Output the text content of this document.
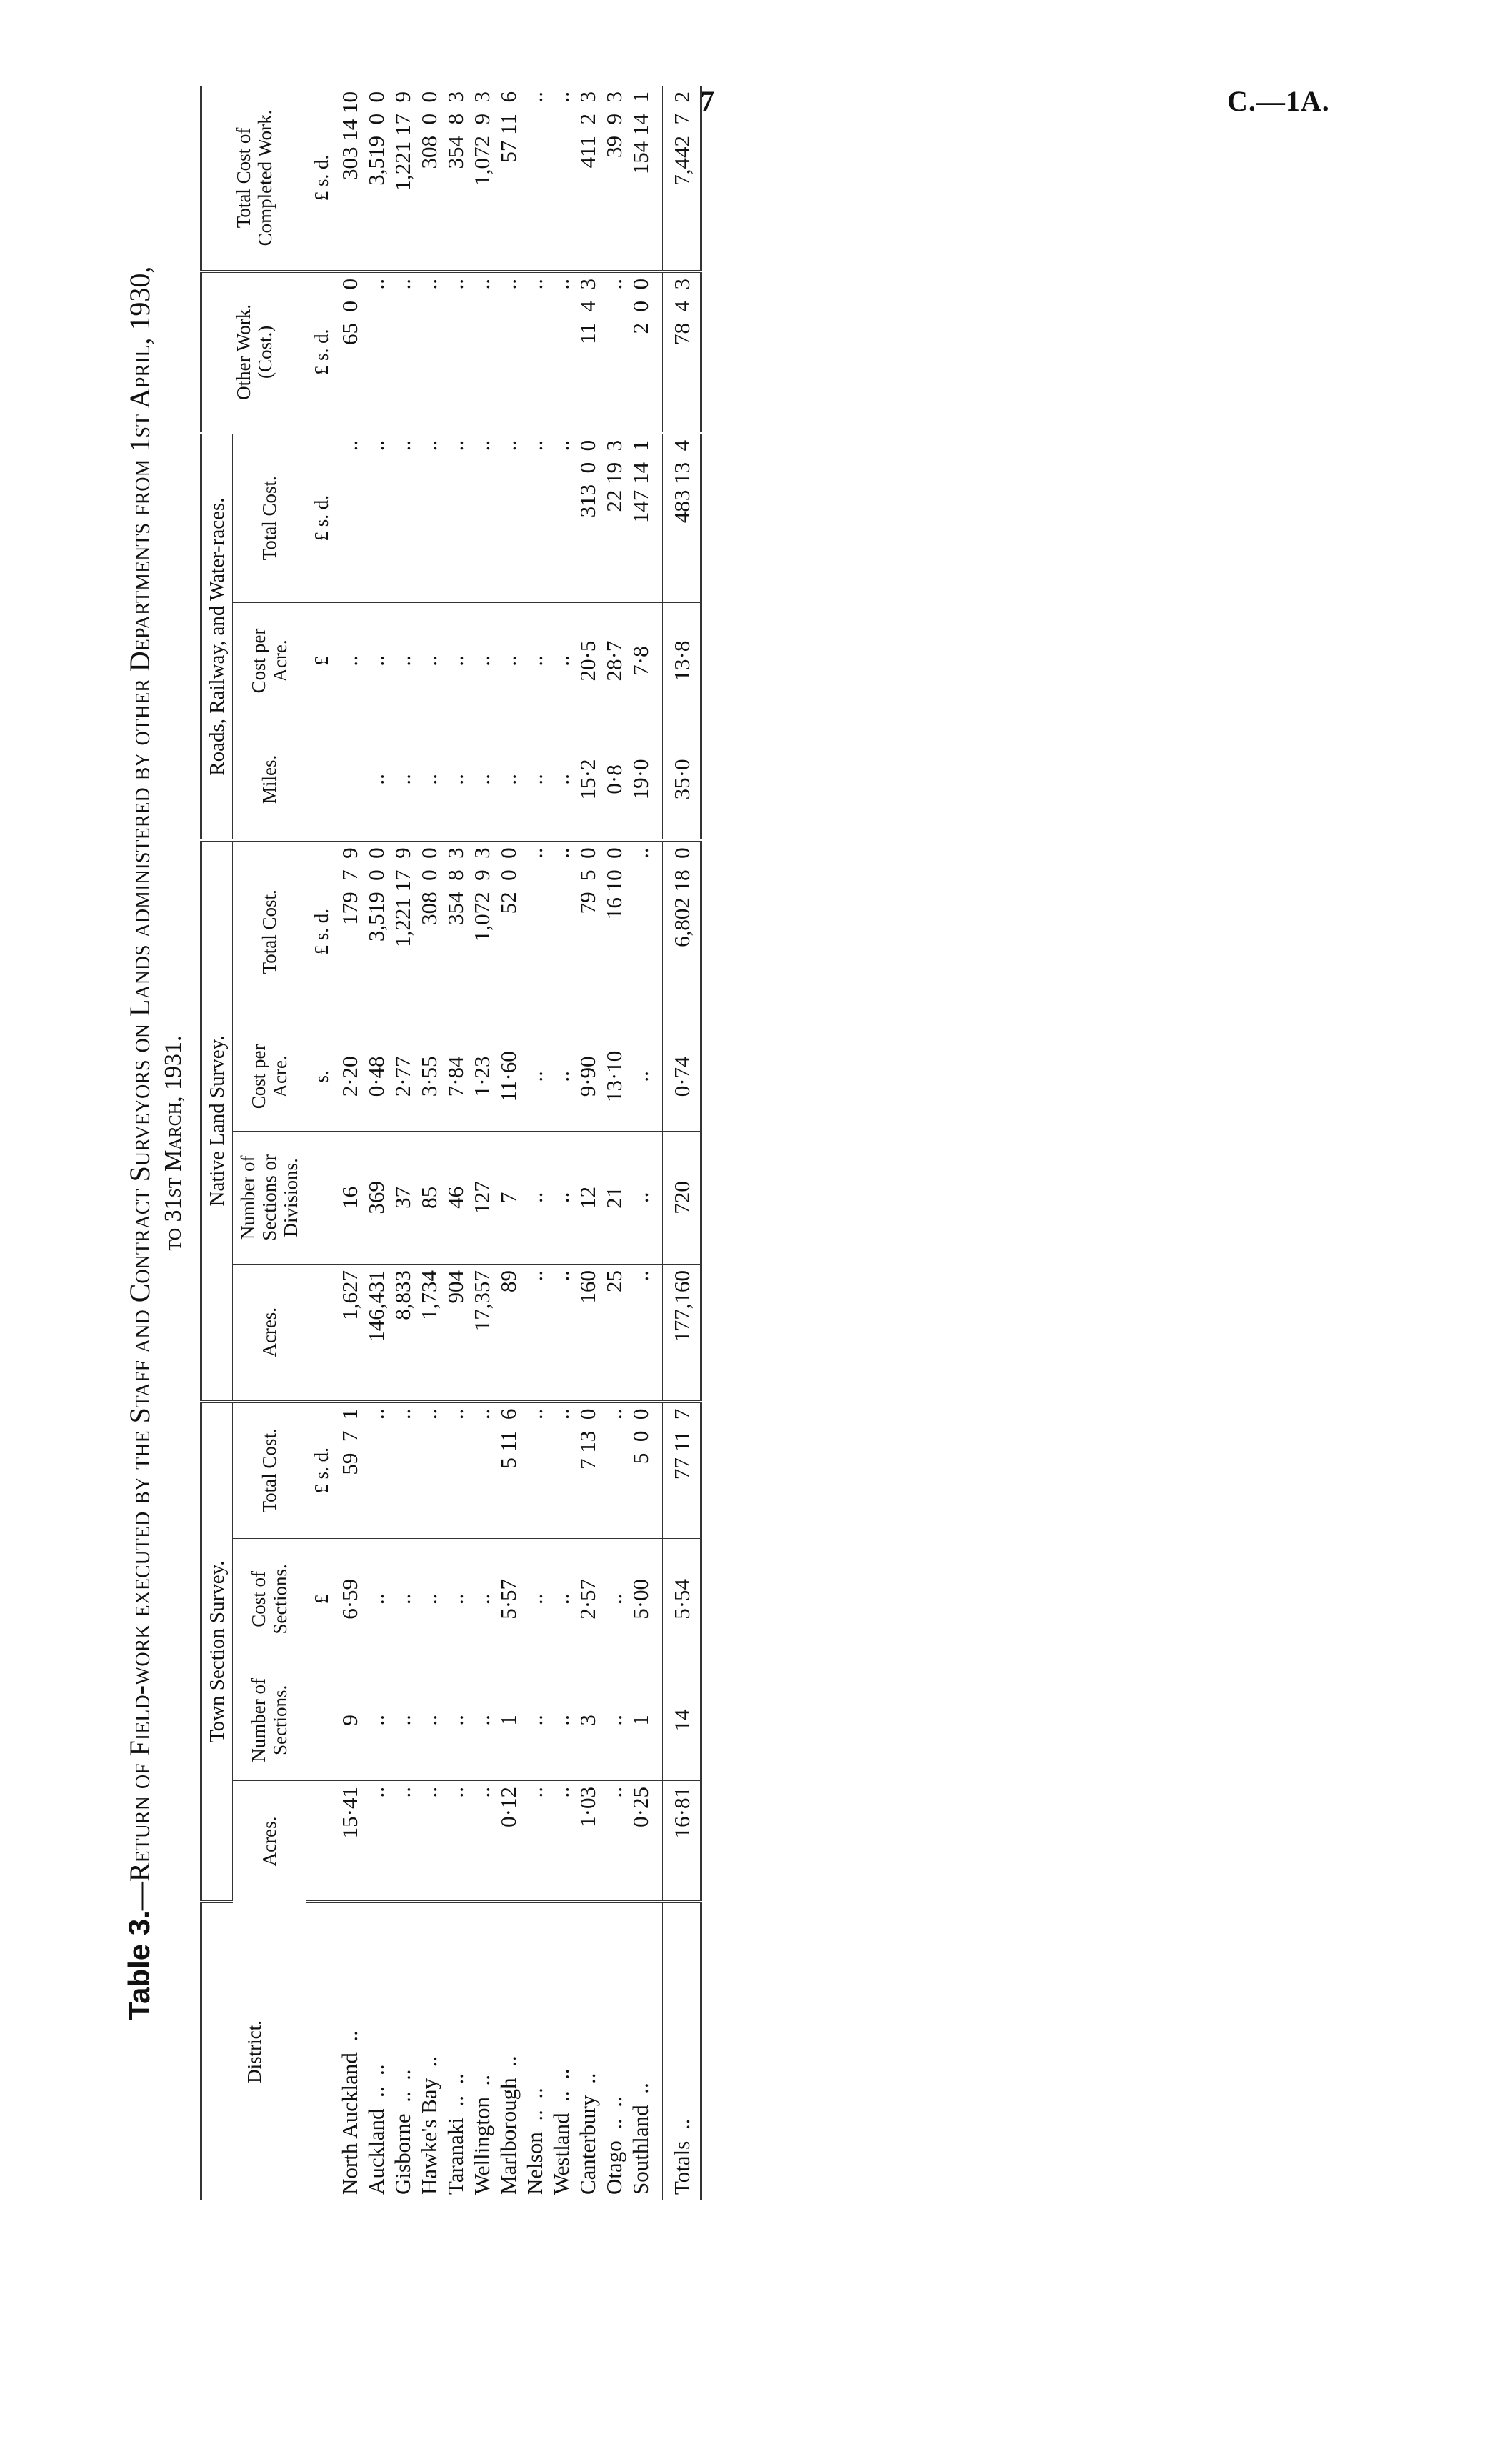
7	C.—1A.
Table 3.—Return of Field-work executed by the Staff and Contract Surveyors on Lands administered by other Departments from 1st April, 1930, to 31st March, 1931.
District.	Town Section Survey.				Native Land Survey.				Roads, Railway, and Water-races.			Other Work. (Cost.)	Total Cost of Completed Work.
	Acres.	Number of Sections.	Cost of Sections.	Total Cost.	Acres.	Number of Sections or Divisions.	Cost per Acre.	Total Cost.	Miles.	Cost per Acre.	Total Cost.		
			£	£ s. d.			s.	£ s. d.		£	£ s. d.	£ s. d.	£ s. d.
North Auckland  ..	15·41	9	6·59	59  7  1	1,627	16	2·20	179  7  9		..	..	65  0  0	303 14 10
Auckland  ..  ..	..	..	..	..	146,431	369	0·48	3,519  0  0	..	..	..	..	3,519  0  0
Gisborne  ..  ..	..	..	..	..	8,833	37	2·77	1,221 17  9	..	..	..	..	1,221 17  9
Hawke's Bay  ..	..	..	..	..	1,734	85	3·55	308  0  0	..	..	..	..	308  0  0
Taranaki  ..  ..	..	..	..	..	904	46	7·84	354  8  3	..	..	..	..	354  8  3
Wellington  ..	..	..	..	..	17,357	127	1·23	1,072  9  3	..	..	..	..	1,072  9  3
Marlborough  ..	0·12	1	5·57	5 11  6	89	7	11·60	52  0  0	..	..	..	..	57 11  6
Nelson  ..  ..	..	..	..	..	..	..	..	..	..	..	..	..	..
Westland  ..  ..	..	..	..	..	..	..	..	..	..	..	..	..	..
Canterbury  ..	1·03	3	2·57	7 13  0	160	12	9·90	79  5  0	15·2	20·5	313  0  0	11  4  3	411  2  3
Otago  ..  ..	..	..	..	..	25	21	13·10	16 10  0	0·8	28·7	22 19  3	..	39  9  3
Southland  ..	0·25	1	5·00	5  0  0	..	..	..	..	19·0	7·8	147 14  1	2  0  0	154 14  1

Totals  ..	16·81	14	5·54	77 11  7	177,160	720	0·74	6,802 18  0	35·0	13·8	483 13  4	78  4  3	7,442  7  2
